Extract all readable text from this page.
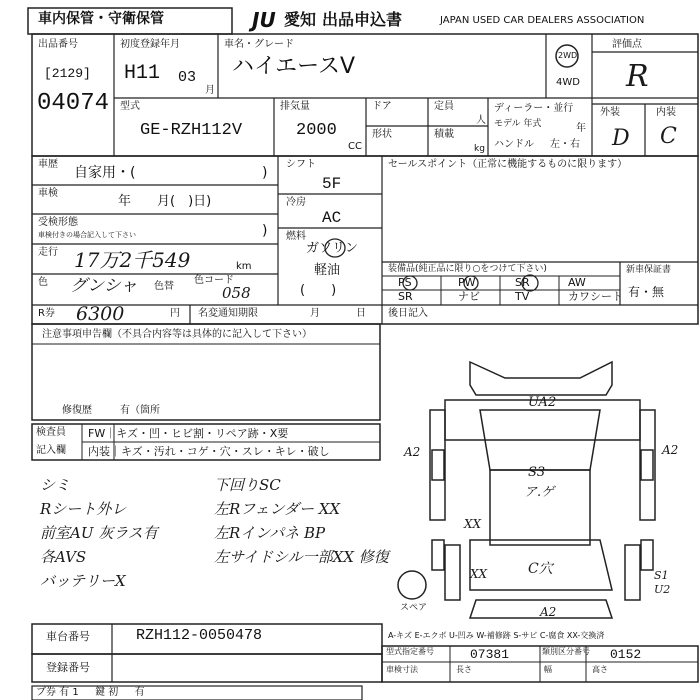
車内保管・守衛保管	JU 愛知 出品申込書	JAPAN USED CAR DEALERS ASSOCIATION
出品番号
[2129]
04074
初度登録年月
H11 03
月
車名・グレード
ハイエースV	2WD
4WD
評価点
R
外装	内装
D C
型式
GE-RZH112V
排気量
2000
CC
ドア	定員
人
形状	積載
kg
ディーラー・並行
モデル 年式	年
ハンドル 左・右
車歴
自家用・(	)
車検
年　　月(　)日)
受検形態
車検付きの場合記入して下さい	)
走行 17万2千549	km
色 グンシャ 色替
色コード
058
シフト
5F
冷房
AC
燃料
ガソリン
軽油
(　　)
セールスポイント（正常に機能するものに限ります）
装備品(純正品に限り○をつけて下さい)
PS	PW	SR	AW
SR	ナビ	TV	カワシート
新車保証書
有・無
R券 6300	円 名変通知期限	月	日 後日記入
注意事項申告欄（不具合内容等は具体的に記入して下さい）
修復歴	有（箇所
検査員
記入欄
FW｜キズ・凹・ヒビ割・リペア跡・X要
内装｜キズ・汚れ・コゲ・穴・スレ・キレ・破し
シミ
Rシート外レ
前室AU 灰ラス有
各AVS
バッテリーX
下回りSC
左Rフェンダー XX
左Rインパネ BP
左サイドシル一部XX 修復
UA2
A2	A2
S3
ア.ゲ
XX
XX	C穴	S1
U2
A2
スペア
A-キズ E-エクボ U-凹み W-補修跡 S-サビ C-腐食 XX-交換済
車台番号	RZH112-0050478
登録番号
型式指定番号	07381	類別区分番号 0152
車検寸法	長さ	幅	高さ
ブ券 有 1 　 鍵 初 　 有
